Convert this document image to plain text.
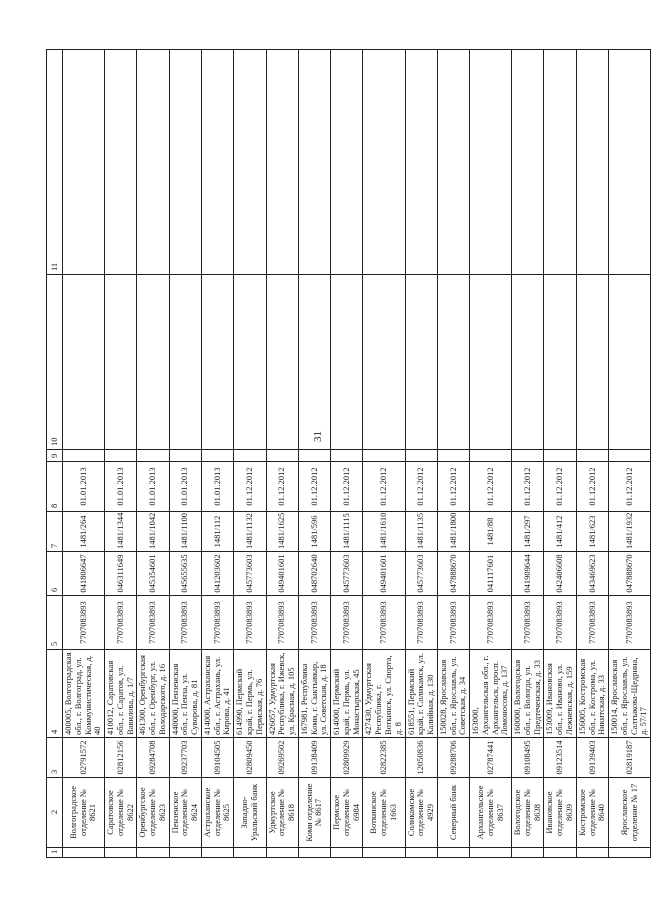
31
1	2	3	4	5	6	7	8	9	10	11
	Волгоградское отделение № 8621	02791572	400005, Волгоградская обл., г. Волгоград, ул. Коммунистическая, д. 40	7707083893	041806647	1481/264	01.01.2013			
	Саратовское отделение № 8622	02812156	410012, Саратовская обл., г. Саратов, ул. Вавилова, д. 1/7	7707083893	046311649	1481/1344	01.01.2013			
	Оренбургское отделение № 8623	09284708	461300, Оренбургская обл., г. Оренбург, ул. Володарского, д. 16	7707083893	045354601	1481/1042	01.01.2013			
	Пензенское отделение № 8624	09237703	440000, Пензенская обл., г. Пенза, ул. Суворова, д. 81	7707083893	045655635	1481/1100	01.01.2013			
	Астраханское отделение № 8625	09104505	414000, Астраханская обл., г. Астрахань, ул. Кирова, д. 41	7707083893	041203602	1481/112	01.01.2013			
	Западно-Уральский банк	02809450	614990, Пермский край, г. Пермь, ул. Пермская, д. 76	7707083893	045773603	1481/1132	01.12.2012			
	Удмуртское отделение № 8618	09269502	426057, Удмуртская Республика, г. Ижевск, ул. Красная, д. 105	7707083893	049401601	1481/1625	01.12.2012			
	Коми отделение № 8617	09138409	167981, Республика Коми, г. Сыктывкар, ул. Советская, д. 18	7707083893	048702640	1481/596	01.12.2012			
	Пермское отделение № 6984	02809929	614000, Пермский край, г. Пермь, ул. Монастырская, 45	7707083893	045773603	1481/1115	01.12.2012			
	Воткинское отделение № 1663	02822385	427430, Удмуртская Республика, г. Воткинск, ул. Спорта, д. 8	7707083893	049401601	1481/1610	01.12.2012			
	Соликамское отделение № 4929	12050836	618551, Пермский край, г. Соликамск, ул. Калийная, д. 130	7707083893	045773603	1481/1135	01.12.2012			
	Северный банк	09288706	150028, Ярославская обл., г. Ярославль, ул. Советская, д. 34	7707083893	047888670	1481/1800	01.12.2012			
	Архангельское отделение № 8637	02787441	163000, Архангельская обл., г. Архангельск, просп. Ломоносова, д. 137	7707083893	041117601	1481/88	01.12.2012			
	Вологодское отделение № 8638	09108495	160000, Вологодская обл., г. Вологда, ул. Предтеченская, д. 33	7707083893	041909644	1481/297	01.12.2012			
	Ивановское отделение № 8639	09123514	153009, Ивановская обл., г. Иваново, ул. Лежневская, д. 159	7707083893	042406608	1481/412	01.12.2012			
	Костромское отделение № 8640	09139403	156005, Костромская обл., г. Кострома, ул. Никитская, д. 33	7707083893	043469623	1481/623	01.12.2012			
	Ярославское отделение № 17	02819187	150014, Ярославская обл., г. Ярославль, ул. Салтыкова-Щедрина, д. 57/17	7707083893	047888670	1481/1932	01.12.2012			
